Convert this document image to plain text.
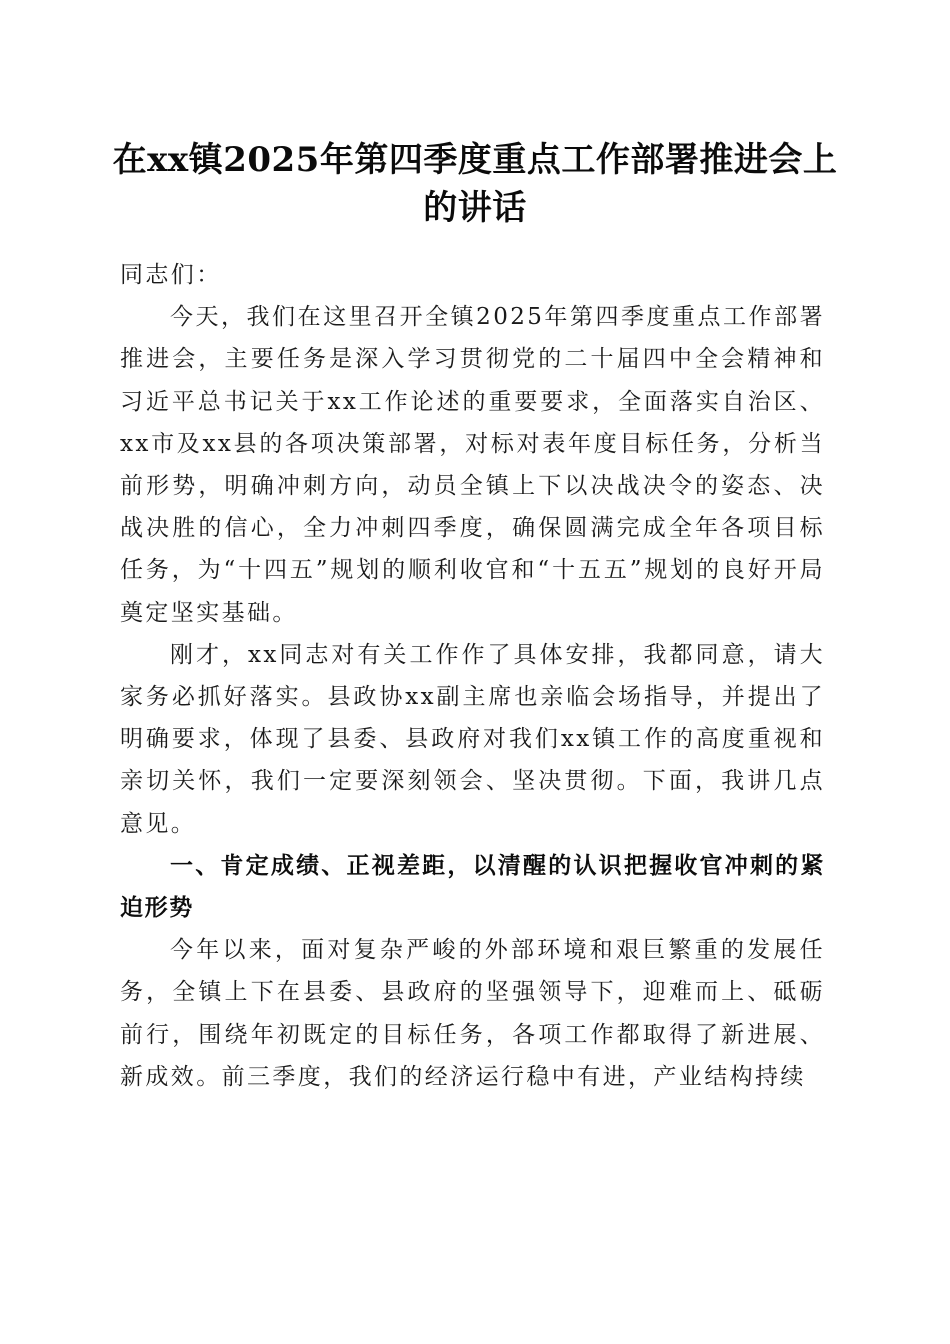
在xx镇2025年第四季度重点工作部署推进会上的讲话

同志们：

今天，我们在这里召开全镇2025年第四季度重点工作部署推进会，主要任务是深入学习贯彻党的二十届四中全会精神和习近平总书记关于xx工作论述的重要要求，全面落实自治区、xx市及xx县的各项决策部署，对标对表年度目标任务，分析当前形势，明确冲刺方向，动员全镇上下以决战决令的姿态、决战决胜的信心，全力冲刺四季度，确保圆满完成全年各项目标任务，为“十四五”规划的顺利收官和“十五五”规划的良好开局奠定坚实基础。

刚才，xx同志对有关工作作了具体安排，我都同意，请大家务必抓好落实。县政协xx副主席也亲临会场指导，并提出了明确要求，体现了县委、县政府对我们xx镇工作的高度重视和亲切关怀，我们一定要深刻领会、坚决贯彻。下面，我讲几点意见。

一、肯定成绩、正视差距，以清醒的认识把握收官冲刺的紧迫形势

今年以来，面对复杂严峻的外部环境和艰巨繁重的发展任务，全镇上下在县委、县政府的坚强领导下，迎难而上、砥砺前行，围绕年初既定的目标任务，各项工作都取得了新进展、新成效。前三季度，我们的经济运行稳中有进，产业结构持续
